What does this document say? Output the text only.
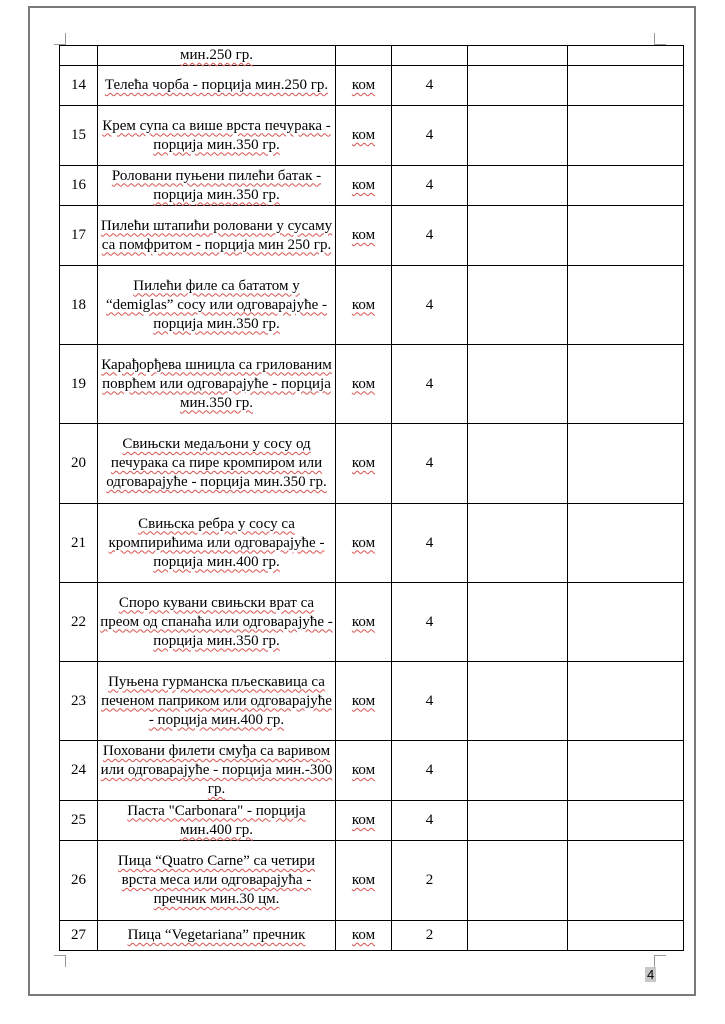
	мин.250 гр.				
14	Телећа чорба - порција мин.250 гр.	ком	4		
15	Крем супа са више врста печурака - порција мин.350 гр.	ком	4		
16	Роловани пуњени пилећи батак - порција мин.350 гр.	ком	4		
17	Пилећи штапићи роловани у сусаму са помфритом - порција мин 250 гр.	ком	4		
18	Пилећи филе са бататом у “demiglas” сосу или одговарајуће - порција мин.350 гр.	ком	4		
19	Карађорђева шницла са грилованим поврћем или одговарајуће - порција мин.350 гр.	ком	4		
20	Свињски медаљони у сосу од печурака са пире кромпиром или одговарајуће - порција мин.350 гр.	ком	4		
21	Свињска ребра у сосу са кромпирићима или одговарајуће - порција мин.400 гр.	ком	4		
22	Споро кувани свињски врат са преом од спанаћа или одговарајуће - порција мин.350 гр.	ком	4		
23	Пуњена гурманска пљескавица са печеном паприком или одговарајуће - порција мин.400 гр.	ком	4		
24	Поховани филети смуђа са варивом или одговарајуће - порција мин.-300 гр.	ком	4		
25	Паста "Carbonara" - порција мин.400 гр.	ком	4		
26	Пица “Quatro Carne” са четири врста меса или одговарајућа - пречник мин.30 цм.	ком	2		
27	Пица “Vegetariana” пречник	ком	2		
4
